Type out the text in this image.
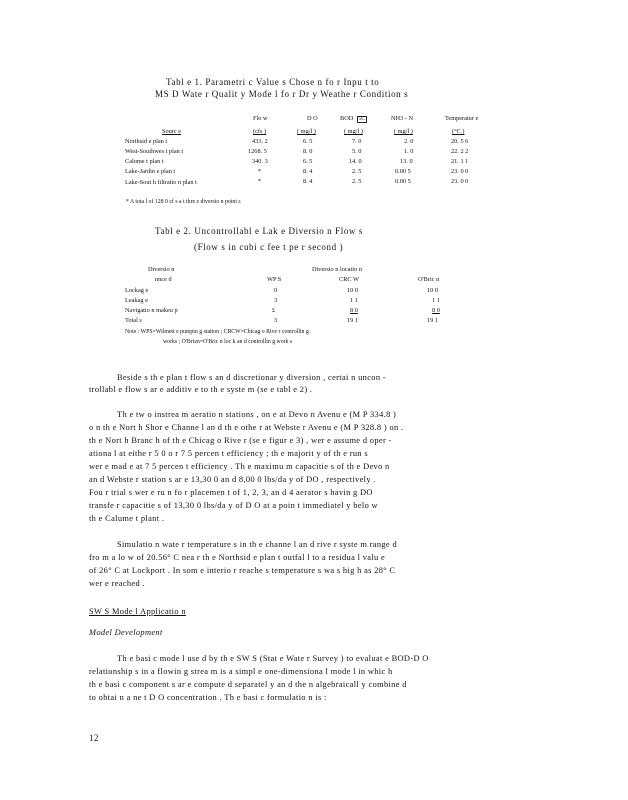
Tabl e 1. Parametri c Value s Chose n fo r Inpu t to
MS D Wate r Qualit y Mode l fo r Dr y Weathe r Condition s
Flo w	D O	BOD 5C	NH3 - N	Temperatur e
Sourc e	(cfs )	( mg/l )	( mg/l )	( mg/l )	(°C )
Northsid e plan t	433. 2	6. 5	7. 0	2. 0	20. 5 6
West-Southwes t plan t	1268. 5	8. 0	5. 0	1. 0	22. 2 2
Calume t plan t	340. 3	6. 5	14. 0	13. 0	21. 1 1
Lake-Jardin e plan t	*	8. 4	2. 5	0.00 5	23. 0 0
Lake-Sout h filtratio n plan t	*	8. 4	2. 5	0.00 5	23. 0 0
* A tota l of 128 0 cf s a t thre e diversio n point s
Tabl e 2. Uncontrollabl e Lak e Diversio n Flow s
(Flow s in cubi c fee t pe r second )
Diversio n	Diversio n locatio n
nnce d	WP S	CRC W	O'Bric n
Lockag e	0	10 0	10 0
Leakag e	3	1 1	1 1
Navigatio n makeu p	£	8 0	8 0
Total s	3	19 1	19 1
Note : WPS=Wilmett e pumpin g station ; CRCW=Chicag o Rive r controllin g
works ; O'Brien=O'Bric n loc k an d controllin g work s
Beside s th e plan t flow s an d discretionar y diversion , certai n uncon -
trollabl e flow s ar e additiv e to th e syste m (se e tabl e 2) .
Th e tw o instrea m aeratio n stations , on e at Devo n Avenu e (M P 334.8 )
o n th e Nort h Shor e Channe l an d th e othe r at Webste r Avenu e (M P 328.8 ) on .
th e Nort h Branc h of th e Chicag o Rive r (se e figur e 3) , wer e assume d oper -
ationa l at eithe r 5 0 o r 7 5 percen t efficiency ; th e majorit y of th e run s
wer e mad e at 7 5 percen t efficiency . Th e maximu m capacitie s of th e Devo n
an d Webste r station s ar e 13,30 0 an d 8,00 0 lbs/da y of DO , respectively .
Fou r trial s wer e ru n fo r placemen t of 1, 2, 3, an d 4 aerator s havin g DO
transfe r capacitie s of 13,30 0 lbs/da y of D O at a poin t immediatel y belo w
th e Calume t plant .
Simulatio n wate r temperature s in th e channe l an d rive r syste m range d
fro m a lo w of 20.56° C nea r th e Northsid e plan t outfal l to a residua l valu e
of 26° C at Lockport . In som e interio r reache s temperature s wa s hig h as 28° C
wer e reached .
SW S Mode l Applicatio n
Model Development
Th e basi c mode l use d by th e SW S (Stat e Wate r Survey ) to evaluat e BOD-D O
relationship s in a flowin g strea m is a simpl e one-dimensiona l mode l in whic h
th e basi c component s ar e compute d separatel y an d the n algebraicall y combine d
to obtai n a ne t D O concentration . Th e basi c formulatio n is :
12
